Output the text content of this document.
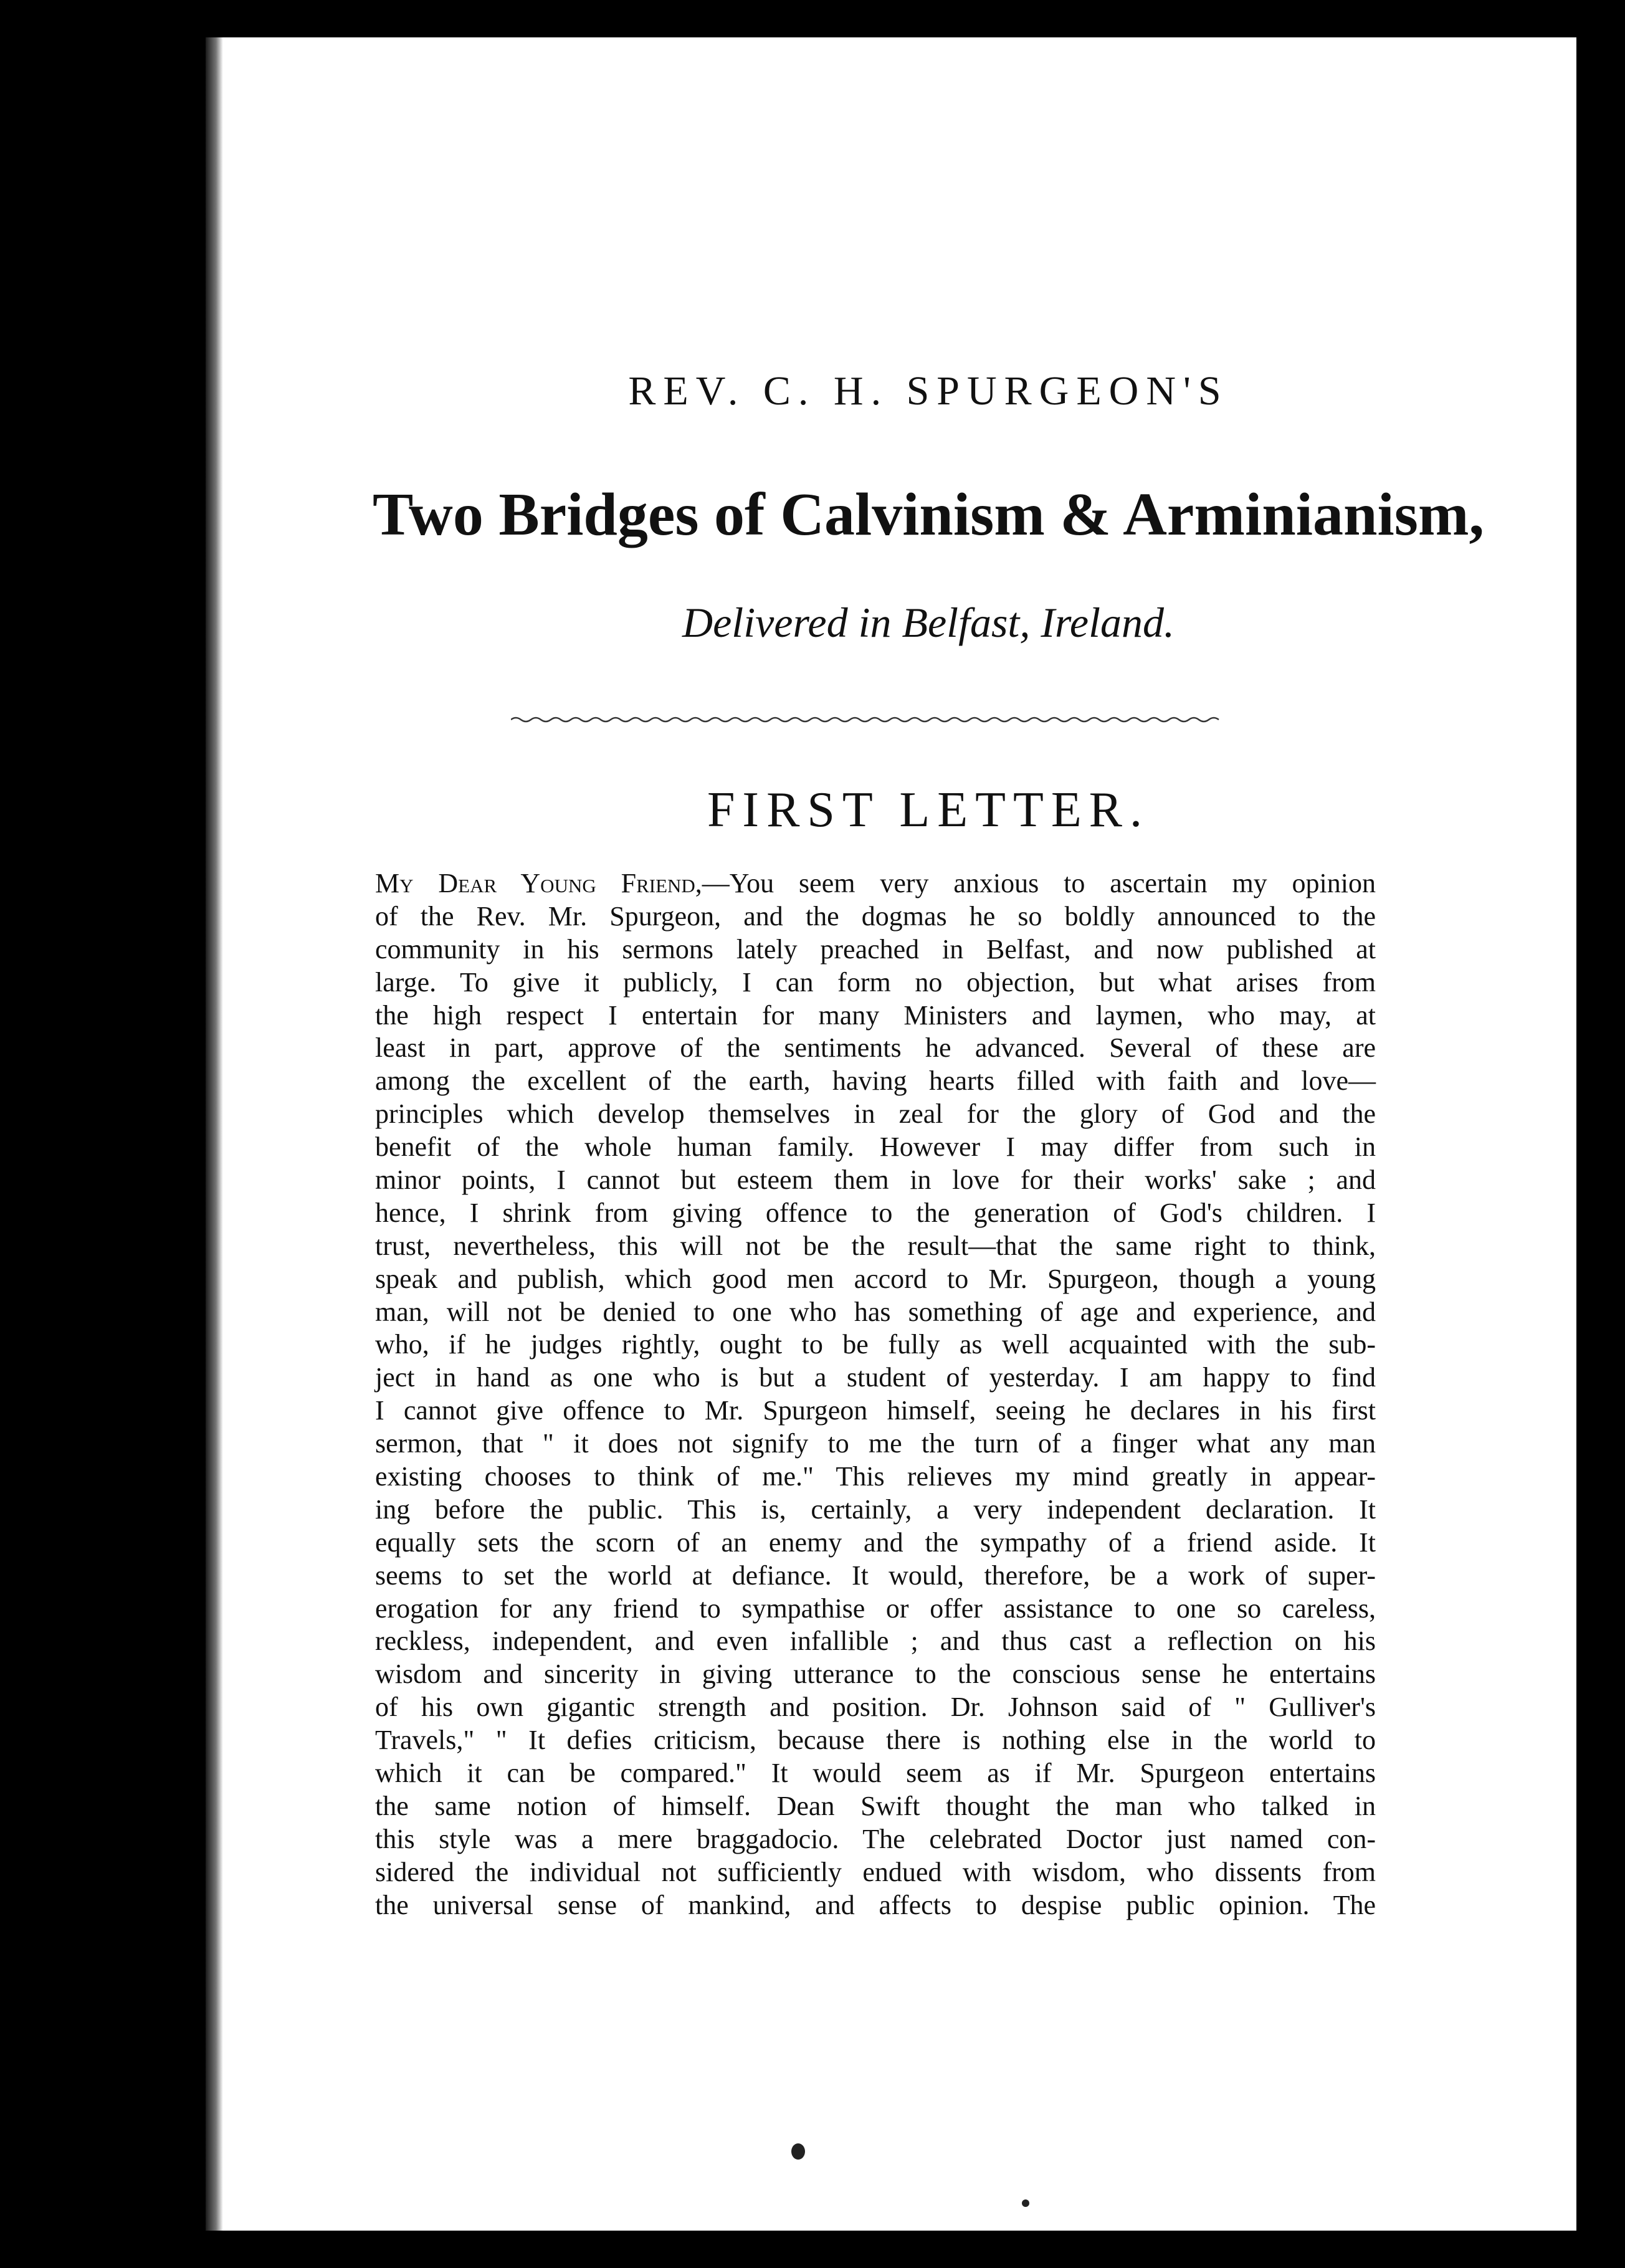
REV. C. H. SPURGEON'S
Two Bridges of Calvinism & Arminianism,
Delivered in Belfast, Ireland.
FIRST LETTER.
My Dear Young Friend,—You seem very anxious to ascertain my opinion
of the Rev. Mr. Spurgeon, and the dogmas he so boldly announced to the
community in his sermons lately preached in Belfast, and now published at
large. To give it publicly, I can form no objection, but what arises from
the high respect I entertain for many Ministers and laymen, who may, at
least in part, approve of the sentiments he advanced. Several of these are
among the excellent of the earth, having hearts filled with faith and love—
principles which develop themselves in zeal for the glory of God and the
benefit of the whole human family. However I may differ from such in
minor points, I cannot but esteem them in love for their works' sake ; and
hence, I shrink from giving offence to the generation of God's children. I
trust, nevertheless, this will not be the result—that the same right to think,
speak and publish, which good men accord to Mr. Spurgeon, though a young
man, will not be denied to one who has something of age and experience, and
who, if he judges rightly, ought to be fully as well acquainted with the sub-
ject in hand as one who is but a student of yesterday. I am happy to find
I cannot give offence to Mr. Spurgeon himself, seeing he declares in his first
sermon, that " it does not signify to me the turn of a finger what any man
existing chooses to think of me." This relieves my mind greatly in appear-
ing before the public. This is, certainly, a very independent declaration. It
equally sets the scorn of an enemy and the sympathy of a friend aside. It
seems to set the world at defiance. It would, therefore, be a work of super-
erogation for any friend to sympathise or offer assistance to one so careless,
reckless, independent, and even infallible ; and thus cast a reflection on his
wisdom and sincerity in giving utterance to the conscious sense he entertains
of his own gigantic strength and position. Dr. Johnson said of " Gulliver's
Travels," " It defies criticism, because there is nothing else in the world to
which it can be compared." It would seem as if Mr. Spurgeon entertains
the same notion of himself. Dean Swift thought the man who talked in
this style was a mere braggadocio. The celebrated Doctor just named con-
sidered the individual not sufficiently endued with wisdom, who dissents from
the universal sense of mankind, and affects to despise public opinion. The
